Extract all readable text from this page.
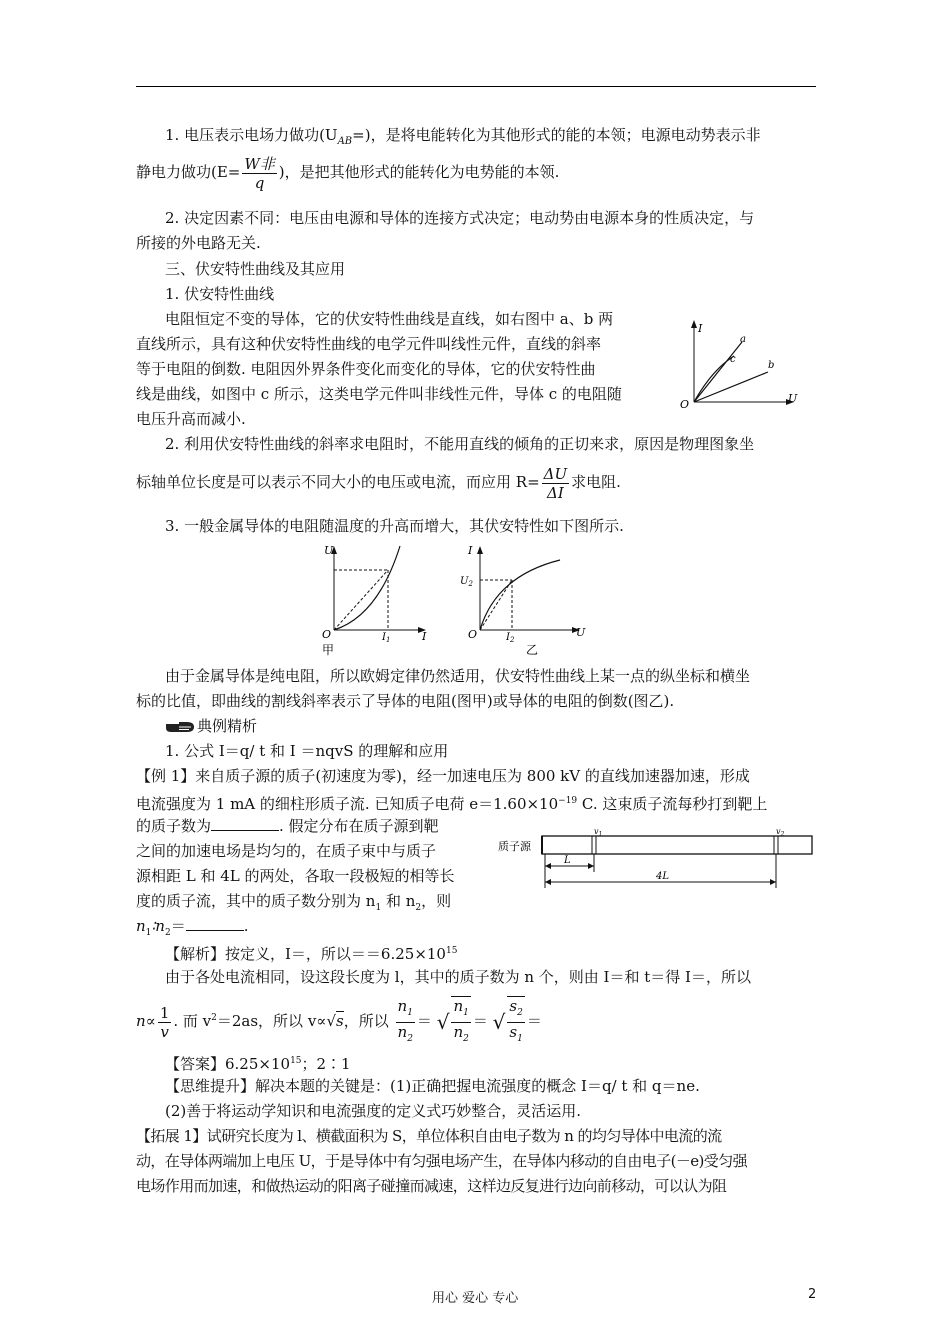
1. 电压表示电场力做功$(U_{AB}=)$，是将电能转化为其他形式的能的本领；电源电动势表示非
静电力做功($E= \frac{\text{W非}}{q}$ )，是把其他形式的能转化为电势能的本领.
2. 决定因素不同：电压由电源和导体的连接方式决定；电动势由电源本身的性质决定，与
所接的外电路无关.
三、伏安特性曲线及其应用
1. 伏安特性曲线
电阻恒定不变的导体，它的伏安特性曲线是直线，如右图中 a、b 两
直线所示，具有这种伏安特性曲线的电学元件叫线性元件，直线的斜率
等于电阻的倒数. 电阻因外界条件变化而变化的导体，它的伏安特性曲
线是曲线，如图中 c 所示，这类电学元件叫非线性元件，导体 c 的电阻随
电压升高而减小.
I
a
c
b
O	U
2. 利用伏安特性曲线的斜率求电阻时，不能用直线的倾角的正切来求，原因是物理图象坐
标轴单位长度是可以表示不同大小的电压或电流，而应用 $R= \frac{\Delta U}{\Delta I}$ 求电阻.
3. 一般金属导体的电阻随温度的升高而增大，其伏安特性如下图所示.
U
O	I
$I_1$
甲
I
$U_2$
O	$I_2$
U
乙
由于金属导体是纯电阻，所以欧姆定律仍然适用，伏安特性曲线上某一点的纵坐标和横坐
标的比值，即曲线的割线斜率表示了导体的电阻(图甲)或导体的电阻的倒数(图乙).
典例精析
1. 公式 I＝q/ t 和 I ＝nqvS 的理解和应用
【例 1】来自质子源的质子(初速度为零)，经一加速电压为 800 kV 的直线加速器加速，形成
电流强度为 1 mA 的细柱形质子流. 已知质子电荷 $e=1.60\times 10^{-19}$ C. 这束质子流每秒打到靶上
的质子数为	. 假定分布在质子源到靶
之间的加速电场是均匀的，在质子束中与质子
源相距 L 和 4L 的两处，各取一段极短的相等长
度的质子流，其中的质子数分别为 $n_1$ 和 $n_2$，则
$n_1∶n_2=$	.
质子源
$v_1$	$v_2$
L
4L
【解析】按定义，I＝，所以$==6.25\times 10^{15}$
由于各处电流相同，设这段长度为 l，其中的质子数为 n 个，则由 I＝和 t＝得 I＝，所以
$n\propto \frac{1}{v}$ . 而 $v^2=2as$，所以 v∝√s，所以 $\frac{n_1}{n_2}$ ＝ √ $\frac{n_1}{n_2}$ ＝ √ $\frac{s_2}{s_1}$ ＝
【答案】$6.25\times 10^{15}$；2∶1
【思维提升】解决本题的关键是：(1)正确把握电流强度的概念 I＝q/ t 和 q＝ne.
(2)善于将运动学知识和电流强度的定义式巧妙整合，灵活运用.
【拓展 1】试研究长度为 l、横截面积为 S，单位体积自由电子数为 n 的均匀导体中电流的流
动，在导体两端加上电压 U，于是导体中有匀强电场产生，在导体内移动的自由电子(－e)受匀强
电场作用而加速，和做热运动的阳离子碰撞而减速，这样边反复进行边向前移动，可以认为阻
用心 爱心 专心	2
